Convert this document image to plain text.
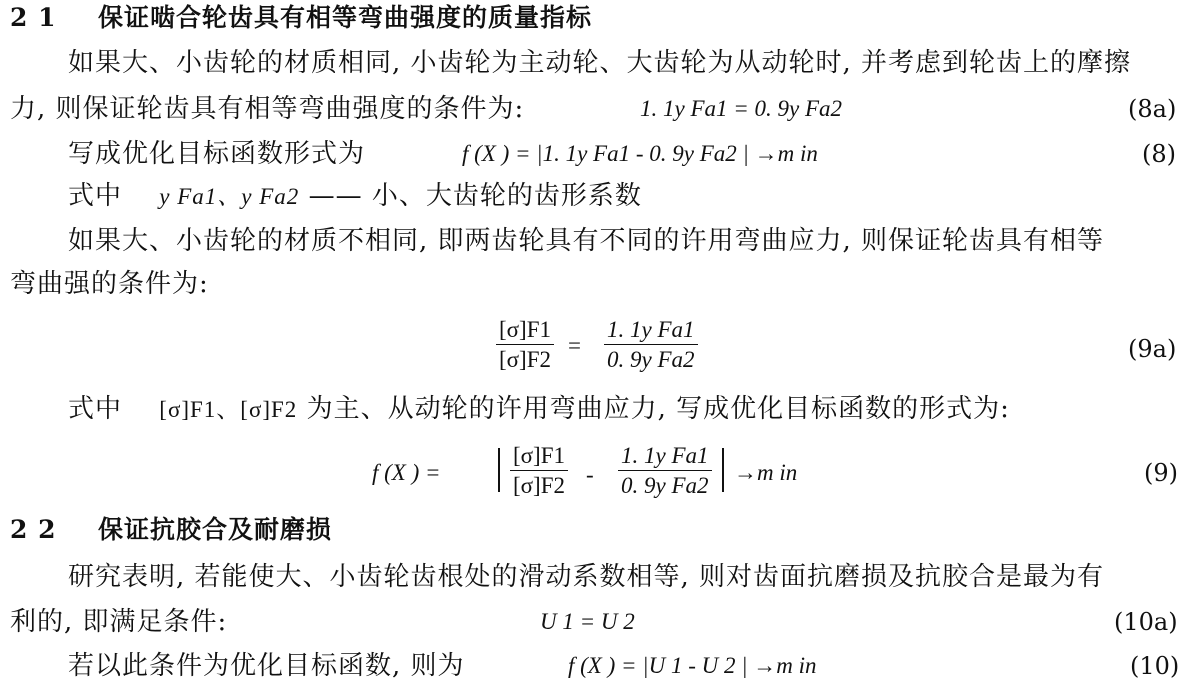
2 1 保证啮合轮齿具有相等弯曲强度的质量指标
如果大、小齿轮的材质相同, 小齿轮为主动轮、大齿轮为从动轮时, 并考虑到轮齿上的摩擦
力, 则保证轮齿具有相等弯曲强度的条件为:	1. 1y Fa1 = 0. 9y Fa2	(8a)
写成优化目标函数形式为	f (X ) = |1. 1y Fa1 - 0. 9y Fa2 | →m in	(8)
式中 y Fa1、y Fa2 —— 小、大齿轮的齿形系数
如果大、小齿轮的材质不相同, 即两齿轮具有不同的许用弯曲应力, 则保证轮齿具有相等
弯曲强的条件为:
$\frac{[\sigma]F1}{[\sigma]F2} = \frac{\text{1. 1y Fa1}}{\text{0. 9y Fa2}}$	(9a)
式中 [σ]F1、[σ]F2 为主、从动轮的许用弯曲应力, 写成优化目标函数的形式为:
f (X ) =	$\frac{[\sigma]F1}{[\sigma]F2} - \frac{\text{1. 1y Fa1}}{\text{0. 9y Fa2}} \to m$ in	(9)
2 2 保证抗胶合及耐磨损
研究表明, 若能使大、小齿轮齿根处的滑动系数相等, 则对齿面抗磨损及抗胶合是最为有
利的, 即满足条件:	U 1 = U 2	(10a)
若以此条件为优化目标函数, 则为	f (X ) = |U 1 - U 2 | →m in	(10)
